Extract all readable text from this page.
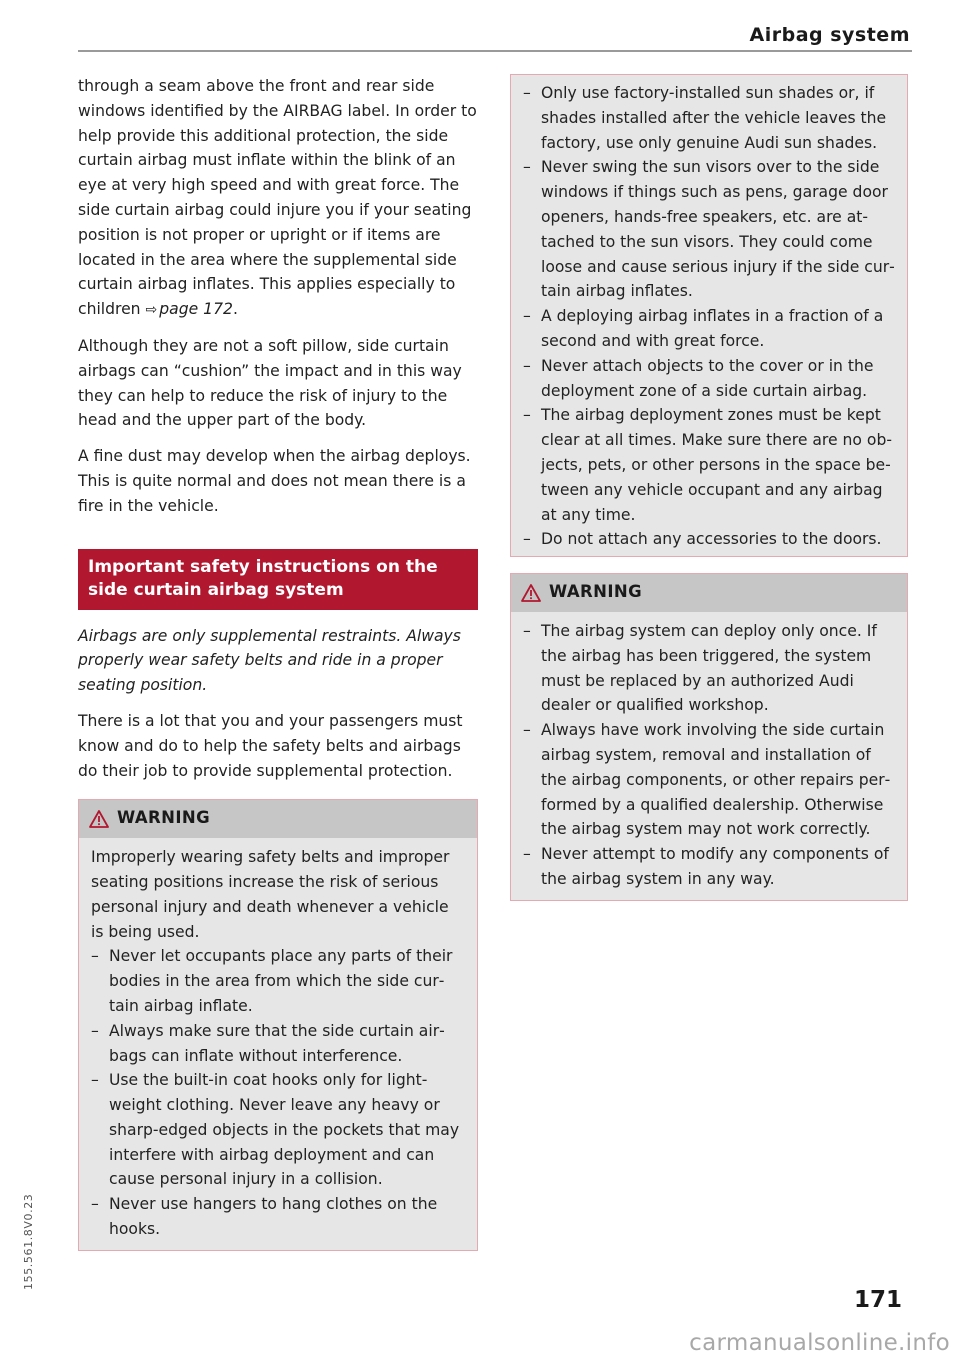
Airbag system

through a seam above the front and rear side windows identified by the AIRBAG label. In order to help provide this additional protection, the side curtain airbag must inflate within the blink of an eye at very high speed and with great force. The side curtain airbag could injure you if your seating position is not proper or upright or if items are located in the area where the supplemental side curtain airbag inflates. This applies especially to children ⇨ page 172.

Although they are not a soft pillow, side curtain airbags can “cushion” the impact and in this way they can help to reduce the risk of injury to the head and the upper part of the body.

A fine dust may develop when the airbag deploys. This is quite normal and does not mean there is a fire in the vehicle.

Important safety instructions on the side curtain airbag system

Airbags are only supplemental restraints. Always properly wear safety belts and ride in a proper seating position.

There is a lot that you and your passengers must know and do to help the safety belts and airbags do their job to provide supplemental protection.

WARNING

Improperly wearing safety belts and improper seating positions increase the risk of serious personal injury and death whenever a vehicle is being used.

– Never let occupants place any parts of their bodies in the area from which the side curtain airbag inflate.
– Always make sure that the side curtain airbags can inflate without interference.
– Use the built-in coat hooks only for lightweight clothing. Never leave any heavy or sharp-edged objects in the pockets that may interfere with airbag deployment and can cause personal injury in a collision.
– Never use hangers to hang clothes on the hooks.
– Only use factory-installed sun shades or, if shades installed after the vehicle leaves the factory, use only genuine Audi sun shades.
– Never swing the sun visors over to the side windows if things such as pens, garage door openers, hands-free speakers, etc. are attached to the sun visors. They could come loose and cause serious injury if the side curtain airbag inflates.
– A deploying airbag inflates in a fraction of a second and with great force.
– Never attach objects to the cover or in the deployment zone of a side curtain airbag.
– The airbag deployment zones must be kept clear at all times. Make sure there are no objects, pets, or other persons in the space between any vehicle occupant and any airbag at any time.
– Do not attach any accessories to the doors.
WARNING
– The airbag system can deploy only once. If the airbag has been triggered, the system must be replaced by an authorized Audi dealer or qualified workshop.
– Always have work involving the side curtain airbag system, removal and installation of the airbag components, or other repairs performed by a qualified dealership. Otherwise the airbag system may not work correctly.
– Never attempt to modify any components of the airbag system in any way.
155.561.8V0.23
171
carmanualsonline.info
